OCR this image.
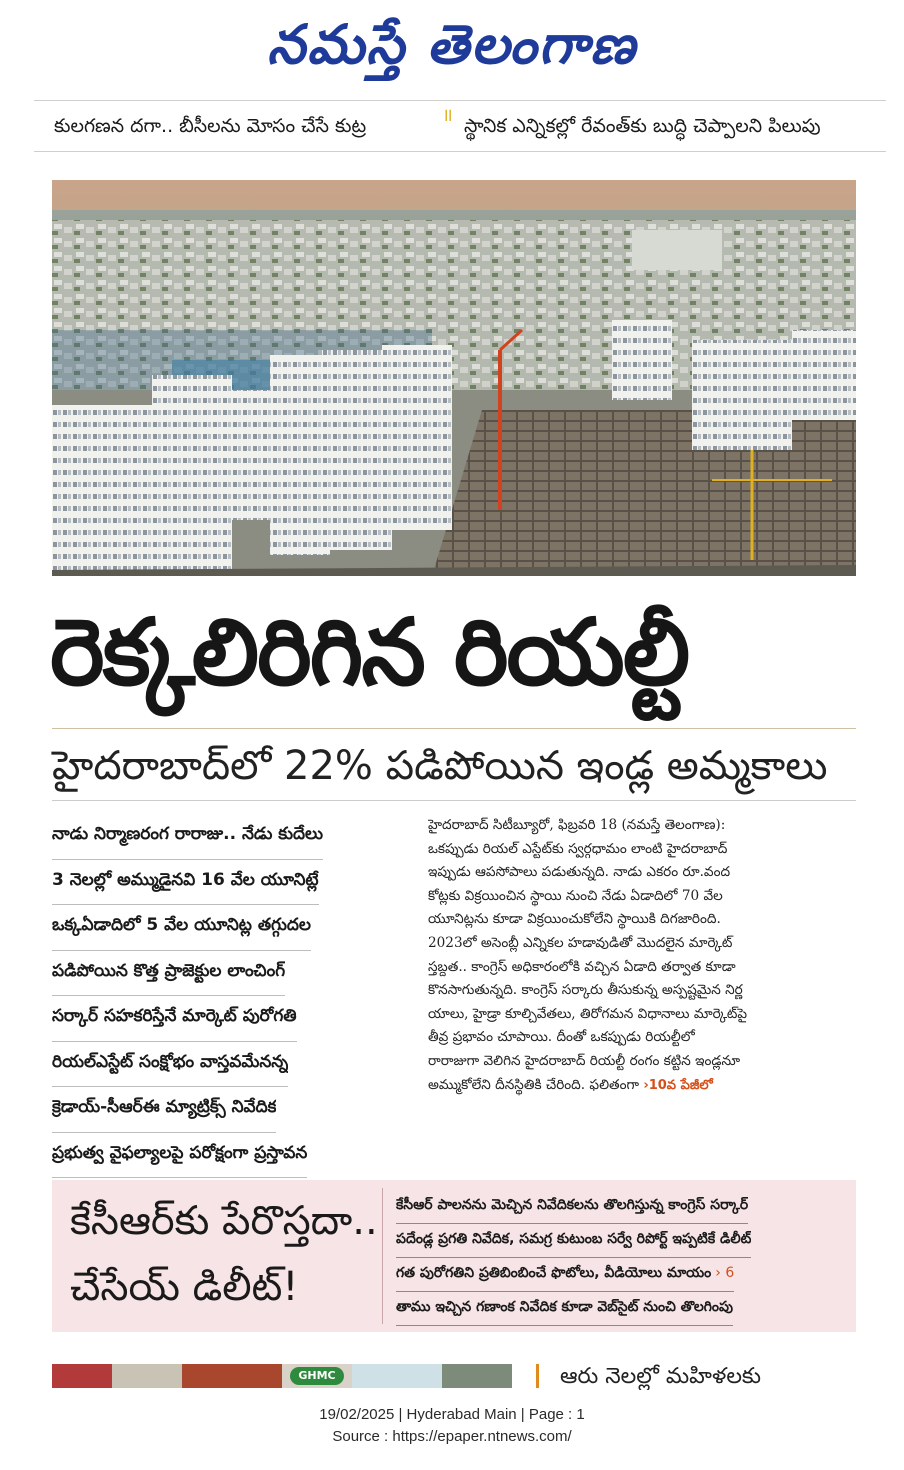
నమస్తే తెలంగాణ
కులగణన దగా.. బీసీలను మోసం చేసే కుట్ర	॥ స్థానిక ఎన్నికల్లో రేవంత్‌కు బుద్ధి చెప్పాలని పిలుపు
రెక్కలిరిగిన రియల్టీ
హైదరాబాద్‌లో 22% పడిపోయిన ఇండ్ల అమ్మకాలు
నాడు నిర్మాణరంగ రారాజు.. నేడు కుదేలు
3 నెలల్లో అమ్ముడైనవి 16 వేల యూనిట్లే
ఒక్కఏడాదిలో 5 వేల యూనిట్ల తగ్గుదల
పడిపోయిన కొత్త ప్రాజెక్టుల లాంచింగ్
సర్కార్ సహకరిస్తేనే మార్కెట్ పురోగతి
రియల్‌ఎస్టేట్ సంక్షోభం వాస్తవమేనన్న
క్రెడాయ్-సీఆర్‌ఈ మ్యాట్రిక్స్ నివేదిక
ప్రభుత్వ వైఫల్యాలపై పరోక్షంగా ప్రస్తావన
హైదరాబాద్ సిటీబ్యూరో, ఫిబ్రవరి 18 (నమస్తే తెలంగాణ):
ఒకప్పుడు రియల్ ఎస్టేట్‌కు స్వర్గధామం లాంటి హైదరాబాద్
ఇప్పుడు ఆపసోపాలు పడుతున్నది. నాడు ఎకరం రూ.వంద
కోట్లకు విక్రయించిన స్థాయి నుంచి నేడు ఏడాదిలో 70 వేల
యూనిట్లను కూడా విక్రయించుకోలేని స్థాయికి దిగజారింది.
2023లో అసెంబ్లీ ఎన్నికల హడావుడితో మొదలైన మార్కెట్
స్తబ్దత.. కాంగ్రెస్ అధికారంలోకి వచ్చిన ఏడాది తర్వాత కూడా
కొనసాగుతున్నది. కాంగ్రెస్ సర్కారు తీసుకున్న అస్పష్టమైన నిర్ణ
యాలు, హైడ్రా కూల్చివేతలు, తిరోగమన విధానాలు మార్కెట్‌పై
తీవ్ర ప్రభావం చూపాయి. దీంతో ఒకప్పుడు రియల్టీలో
రారాజుగా వెలిగిన హైదరాబాద్ రియల్టీ రంగం కట్టిన ఇండ్లనూ
అమ్ముకోలేని దీనస్థితికి చేరింది. ఫలితంగా ›10వ పేజీలో
కేసీఆర్‌కు పేరొస్తదా..
చేసేయ్ డిలీట్!
కేసీఆర్ పాలనను మెచ్చిన నివేదికలను తొలగిస్తున్న కాంగ్రెస్ సర్కార్
పదేండ్ల ప్రగతి నివేదిక, సమగ్ర కుటుంబ సర్వే రిపోర్ట్ ఇప్పటికే డిలీట్
గత పురోగతిని ప్రతిబింబించే ఫొటోలు, వీడియోలు మాయం › 6
తాము ఇచ్చిన గణాంక నివేదిక కూడా వెబ్‌సైట్ నుంచి తొలగింపు
GHMC	ఆరు నెలల్లో మహిళలకు
19/02/2025 | Hyderabad Main | Page : 1
Source : https://epaper.ntnews.com/
